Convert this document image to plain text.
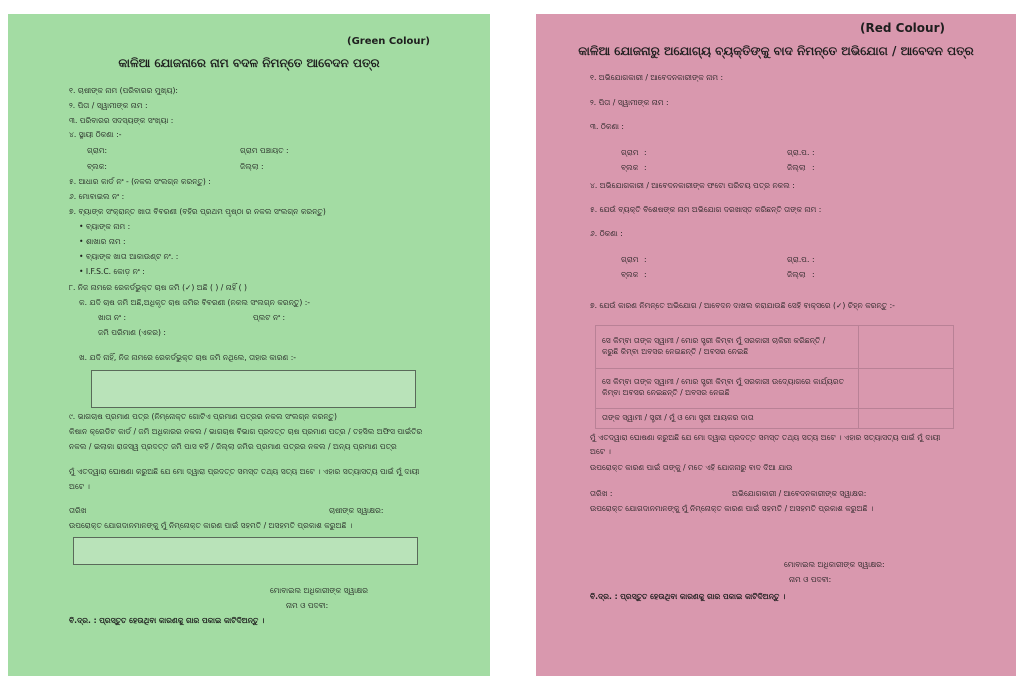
(Green Colour)
କାଳିଆ ଯୋଜନାରେ ନାମ ବଦଳ ନିମନ୍ତେ ଆବେଦନ ପତ୍ର
୧. ଚାଷୀଙ୍କ ନାମ (ପରିବାରର ମୁଖ୍ୟ):
୨. ପିତା / ସ୍ୱାମୀଙ୍କ ନାମ :
୩. ପରିବାରର ସଦସ୍ୟଙ୍କ ସଂଖ୍ୟା :
୪. ସ୍ଥାୟୀ ଠିକଣା :-
ଗ୍ରାମ:	ଗ୍ରାମ ପଞ୍ଚାୟତ :
ବ୍ଲକ:	ଜିଲ୍ଲା :
୫. ଆଧାର କାର୍ଡ ନଂ - (ନକଲ ସଂଲଗ୍ନ କରନ୍ତୁ) :
୬. ମୋବାଇଲ ନଂ :
୭. ବ୍ୟାଙ୍କ ସଂକ୍ରାନ୍ତ ଖାତା ବିବରଣୀ (ବହିର ପ୍ରଥମ ପୃଷ୍ଠା ର ନକଲ ସଂଲଗ୍ନ କରନ୍ତୁ)
• ବ୍ୟାଙ୍କ ନାମ :
• ଶାଖାର ନାମ :
• ବ୍ୟାଙ୍କ ଖାତା ଆକାଉଣ୍ଟ ନଂ. :
• I.F.S.C. କୋଡ଼ ନଂ :
୮. ନିଜ ନାମରେ ରେକର୍ଡଭୁକ୍ତ ଚାଷ ଜମି (✓) ଅଛି ( ) / ନାହିଁ ( )
କ. ଯଦି ଚାଷ ଜମି ଅଛି,ଅଧିକୃତ ଚାଷ ଜମିର ବିବରଣୀ (ନକଲ ସଂଲଗ୍ନ କରନ୍ତୁ) :-
ଖାତା ନଂ :	ପ୍ଲଟ ନଂ :
ଜମି ପରିମାଣ (ଏକର) :
ଖ. ଯଦି ନାହିଁ, ନିଜ ନାମରେ ରେକର୍ଡଭୁକ୍ତ ଚାଷ ଜମି ନଥିଲେ, ତାହାର କାରଣ :-
୯. ଭାଗଚାଷ ପ୍ରମାଣ ପତ୍ର (ନିମ୍ନୋକ୍ତ ଗୋଟିଏ ପ୍ରମାଣ ପତ୍ରର ନକଲ ସଂଲଗ୍ନ କରନ୍ତୁ)
କିଷାନ କ୍ରେଡିଟ କାର୍ଡ / ଜମି ଅଧିକାରର ନକଲ / ଭାଗଚାଷ ବିଭାଗ ପ୍ରଦତ୍ତ ଚାଷ ପ୍ରମାଣ ପତ୍ର / ତହସିଲ ଅଫିସ ପାଇଁତିର
ନକଲ / ଇଲାକା ରାଜସ୍ୱ ପ୍ରଦତ୍ତ ଜମି ପାସ ବହି / ଜିଲ୍ଲା ଜମିର ପ୍ରମାଣ ପତ୍ରର ନକଲ / ଅନ୍ୟ ପ୍ରମାଣ ପତ୍ର
ମୁଁ ଏତଦ୍ୱାରା ଘୋଷଣା କରୁଅଛି ଯେ ମୋ ଦ୍ୱାରା ପ୍ରଦତ୍ତ ସମସ୍ତ ତଥ୍ୟ ସତ୍ୟ ଅଟେ । ଏହାର ସତ୍ୟାସତ୍ୟ ପାଇଁ ମୁଁ ଦାୟୀ
ଅଟେ ।
ତାରିଖ	ଚାଷୀଙ୍କ ସ୍ୱାକ୍ଷର:
ଉପରୋକ୍ତ ଯୋଗଦାନମାନଙ୍କୁ ମୁଁ ନିମ୍ନୋକ୍ତ କାରଣ ପାଇଁ ସହମତି / ଅସହମତି ପ୍ରକାଶ କରୁଅଛି ।
ମୋବାଇଲ ଅଧିକାରୀଙ୍କ ସ୍ୱାକ୍ଷର
ନାମ ଓ ପଦବୀ:
ବି.ଦ୍ର. : ପ୍ରସ୍ତୁତ ହେଉଥିବା କାରଣକୁ ଗାର ପକାଇ କାଟିଦିଅନ୍ତୁ ।
(Red Colour)
କାଳିଆ ଯୋଜନାରୁ ଅଯୋଗ୍ୟ ବ୍ୟକ୍ତିଙ୍କୁ ବାଦ ନିମନ୍ତେ ଅଭିଯୋଗ / ଆବେଦନ ପତ୍ର
୧. ଅଭିଯୋଗକାରୀ / ଆବେଦନକାରୀଙ୍କ ନାମ :
୨. ପିତା / ସ୍ୱାମୀଙ୍କ ନାମ :
୩. ଠିକଣା :
ଗ୍ରାମ :	ଗ୍ରା.ପ. :
ବ୍ଲକ :	ଜିଲ୍ଲା :
୪. ଅଭିଯୋଗକାରୀ / ଆବେଦନକାରୀଙ୍କ ଫଟୋ ପରିଚୟ ପତ୍ର ନକଲ :
୫. ଯେଉଁ ବ୍ୟକ୍ତି ବିଶେଷଙ୍କ ନାମ ଅଭିଯୋଗ ଦରଖାସ୍ତ କରିଛନ୍ତି ତାଙ୍କ ନାମ :
୬. ଠିକଣା :
ଗ୍ରାମ :	ଗ୍ରା.ପ. :
ବ୍ଲକ :	ଜିଲ୍ଲା :
୭. ଯେଉଁ କାରଣ ନିମନ୍ତେ ଅଭିଯୋଗ / ଆବେଦନ ଦାଖଲ କରାଯାଉଛି ସେହି ବାକ୍ସରେ (✓) ଚିହ୍ନ କରନ୍ତୁ :-
ସେ କିମ୍ବା ତାଙ୍କ ସ୍ୱାମୀ / ମୋର ସ୍ତ୍ରୀ କିମ୍ବା ମୁଁ ସରକାରୀ ଚାକିରୀ କରିଛନ୍ତି /
କରୁଛି କିମ୍ବା ଅବସର ନେଇଛନ୍ତି / ଅବସର ନେଇଛି
ସେ କିମ୍ବା ତାଙ୍କ ସ୍ୱାମୀ / ମୋର ସ୍ତ୍ରୀ କିମ୍ବା ମୁଁ ସରକାରୀ ଉଦ୍ୟୋଗରେ କାର୍ଯ୍ୟରତ
କିମ୍ବା ଅବସର ନେଇଛନ୍ତି / ଅବସର ନେଇଛି
ତାଙ୍କ ସ୍ୱାମୀ / ସ୍ତ୍ରୀ / ମୁଁ ଓ ମୋ ସ୍ତ୍ରୀ ଆୟକର ଦାତା
ମୁଁ ଏତଦ୍ୱାରା ଘୋଷଣା କରୁଅଛି ଯେ ମୋ ଦ୍ୱାରା ପ୍ରଦତ୍ତ ସମସ୍ତ ତଥ୍ୟ ସତ୍ୟ ଅଟେ । ଏହାର ସତ୍ୟାସତ୍ୟ ପାଇଁ ମୁଁ ଦାୟୀ
ଅଟେ ।
ଉପରୋକ୍ତ କାରଣ ପାଇଁ ତାଙ୍କୁ / ମତେ ଏହି ଯୋଜନାରୁ ବାଦ ଦିଆ ଯାଉ
ତାରିଖ :	ଅଭିଯୋଗକାରୀ / ଆବେଦନକାରୀଙ୍କ ସ୍ୱାକ୍ଷର:
ଉପରୋକ୍ତ ଯୋଗଦାନମାନଙ୍କୁ ମୁଁ ନିମ୍ନୋକ୍ତ କାରଣ ପାଇଁ ସହମତି / ଅସହମତି ପ୍ରକାଶ କରୁଅଛି ।
ମୋବାଇଲ ଅଧିକାରୀଙ୍କ ସ୍ୱାକ୍ଷର:
ନାମ ଓ ପଦବୀ:
ବି.ଦ୍ର. : ପ୍ରସ୍ତୁତ ହେଉଥିବା କାରଣକୁ ଗାର ପକାଇ କାଟିଦିଅନ୍ତୁ ।
